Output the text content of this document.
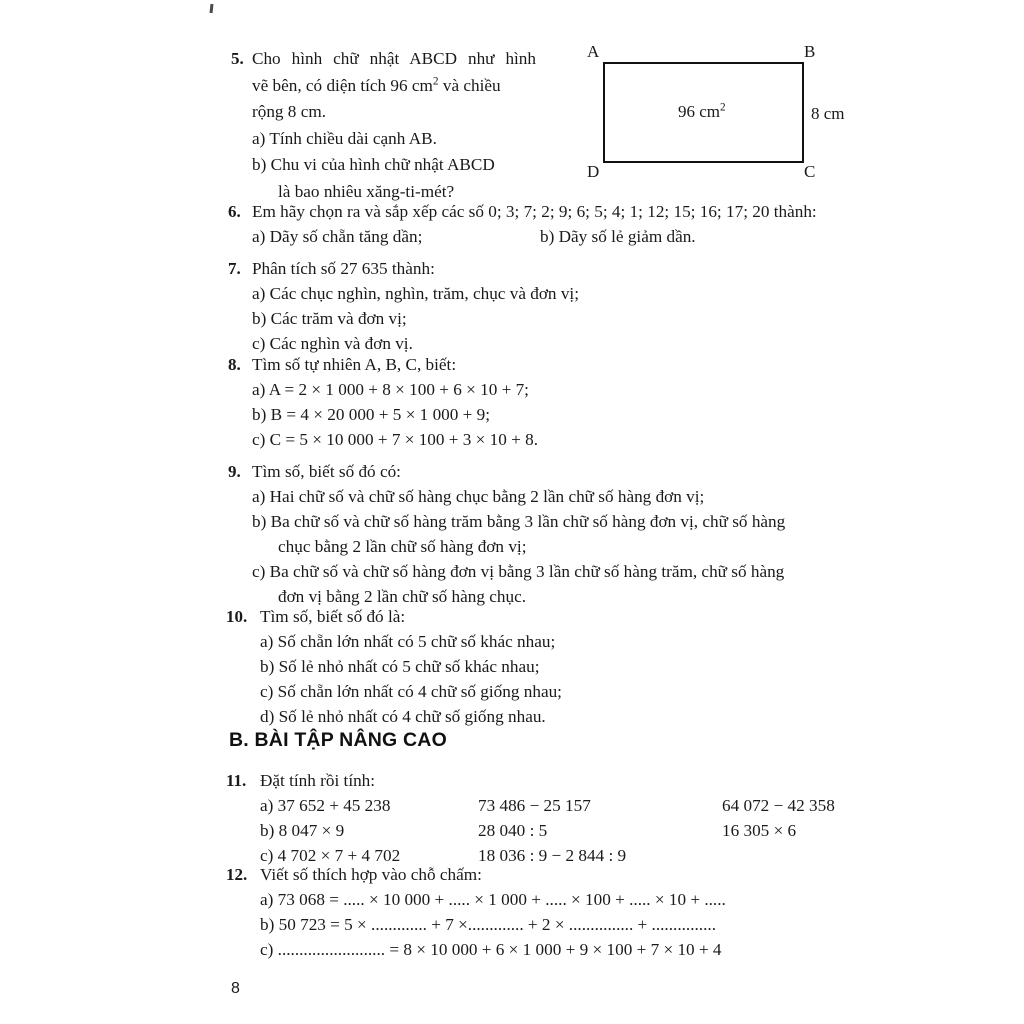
5. Cho hình chữ nhật ABCD như hình
vẽ bên, có diện tích 96 $cm^2$ và chiều
rộng 8 cm.
a) Tính chiều dài cạnh AB.
b) Chu vi của hình chữ nhật ABCD
là bao nhiêu xăng-ti-mét?
A	B
D	C
96 $cm^2$	8 cm
6. Em hãy chọn ra và sắp xếp các số 0; 3; 7; 2; 9; 6; 5; 4; 1; 12; 15; 16; 17; 20 thành:
a) Dãy số chẵn tăng dần;	b) Dãy số lẻ giảm dần.
7. Phân tích số 27 635 thành:
a) Các chục nghìn, nghìn, trăm, chục và đơn vị;
b) Các trăm và đơn vị;
c) Các nghìn và đơn vị.
8. Tìm số tự nhiên A, B, C, biết:
a) A = 2 × 1 000 + 8 × 100 + 6 × 10 + 7;
b) B = 4 × 20 000 + 5 × 1 000 + 9;
c) C = 5 × 10 000 + 7 × 100 + 3 × 10 + 8.
9. Tìm số, biết số đó có:
a) Hai chữ số và chữ số hàng chục bằng 2 lần chữ số hàng đơn vị;
b) Ba chữ số và chữ số hàng trăm bằng 3 lần chữ số hàng đơn vị, chữ số hàng
chục bằng 2 lần chữ số hàng đơn vị;
c) Ba chữ số và chữ số hàng đơn vị bằng 3 lần chữ số hàng trăm, chữ số hàng
đơn vị bằng 2 lần chữ số hàng chục.
10. Tìm số, biết số đó là:
a) Số chẵn lớn nhất có 5 chữ số khác nhau;
b) Số lẻ nhỏ nhất có 5 chữ số khác nhau;
c) Số chẵn lớn nhất có 4 chữ số giống nhau;
d) Số lẻ nhỏ nhất có 4 chữ số giống nhau.
B. BÀI TẬP NÂNG CAO
11. Đặt tính rồi tính:
a) 37 652 + 45 238	73 486 − 25 157	64 072 − 42 358
b) 8 047 × 9	28 040 : 5	16 305 × 6
c) 4 702 × 7 + 4 702	18 036 : 9 − 2 844 : 9
12. Viết số thích hợp vào chỗ chấm:
a) 73 068 = ..... × 10 000 + ..... × 1 000 + ..... × 100 + ..... × 10 + .....
b) 50 723 = 5 × ............. + 7 ×............. + 2 × ............... + ...............
c) ......................... = 8 × 10 000 + 6 × 1 000 + 9 × 100 + 7 × 10 + 4
8
